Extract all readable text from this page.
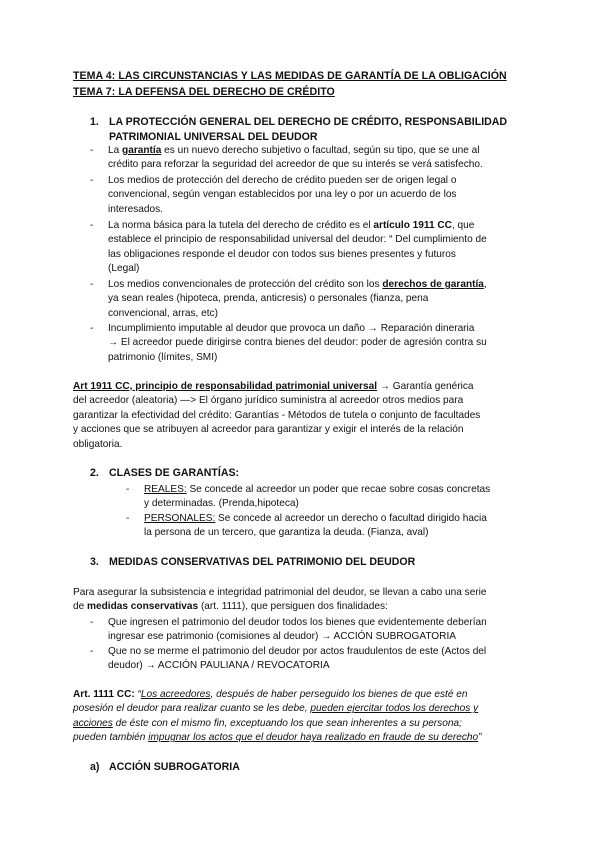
TEMA 4: LAS CIRCUNSTANCIAS Y LAS MEDIDAS DE GARANTÍA DE LA OBLIGACIÓN
TEMA 7: LA DEFENSA DEL DERECHO DE CRÉDITO
1. LA PROTECCIÓN GENERAL DEL DERECHO DE CRÉDITO, RESPONSABILIDAD
PATRIMONIAL UNIVERSAL DEL DEUDOR
- La garantía es un nuevo derecho subjetivo o facultad, según su tipo, que se une al
crédito para reforzar la seguridad del acreedor de que su interés se verá satisfecho.
- Los medios de protección del derecho de crédito pueden ser de origen legal o
convencional, según vengan establecidos por una ley o por un acuerdo de los
interesados.
- La norma básica para la tutela del derecho de crédito es el artículo 1911 CC, que
establece el principio de responsabilidad universal del deudor: “ Del cumplimiento de
las obligaciones responde el deudor con todos sus bienes presentes y futuros
(Legal)
- Los medios convencionales de protección del crédito son los derechos de garantía,
ya sean reales (hipoteca, prenda, anticresis) o personales (fianza, pena
convencional, arras, etc)
- Incumplimiento imputable al deudor que provoca un daño → Reparación dineraria
→ El acreedor puede dirigirse contra bienes del deudor: poder de agresión contra su
patrimonio (límites, SMI)
Art 1911 CC, principio de responsabilidad patrimonial universal → Garantía genérica
del acreedor (aleatoria) —> El órgano jurídico suministra al acreedor otros medios para
garantizar la efectividad del crédito: Garantías - Métodos de tutela o conjunto de facultades
y acciones que se atribuyen al acreedor para garantizar y exigir el interés de la relación
obligatoria.
2. CLASES DE GARANTÍAS:
- REALES: Se concede al acreedor un poder que recae sobre cosas concretas
y determinadas. (Prenda,hipoteca)
- PERSONALES: Se concede al acreedor un derecho o facultad dirigido hacia
la persona de un tercero, que garantiza la deuda. (Fianza, aval)
3. MEDIDAS CONSERVATIVAS DEL PATRIMONIO DEL DEUDOR
Para asegurar la subsistencia e integridad patrimonial del deudor, se llevan a cabo una serie
de medidas conservativas (art. 1111), que persiguen dos finalidades:
- Que ingresen el patrimonio del deudor todos los bienes que evidentemente deberían
ingresar ese patrimonio (comisiones al deudor) → ACCIÓN SUBROGATORIA
- Que no se merme el patrimonio del deudor por actos fraudulentos de este (Actos del
deudor) → ACCIÓN PAULIANA / REVOCATORIA
Art. 1111 CC: “Los acreedores, después de haber perseguido los bienes de que esté en
posesión el deudor para realizar cuanto se les debe, pueden ejercitar todos los derechos y
acciones de éste con el mismo fin, exceptuando los que sean inherentes a su persona;
pueden también impugnar los actos que el deudor haya realizado en fraude de su derecho”
a) ACCIÓN SUBROGATORIA
